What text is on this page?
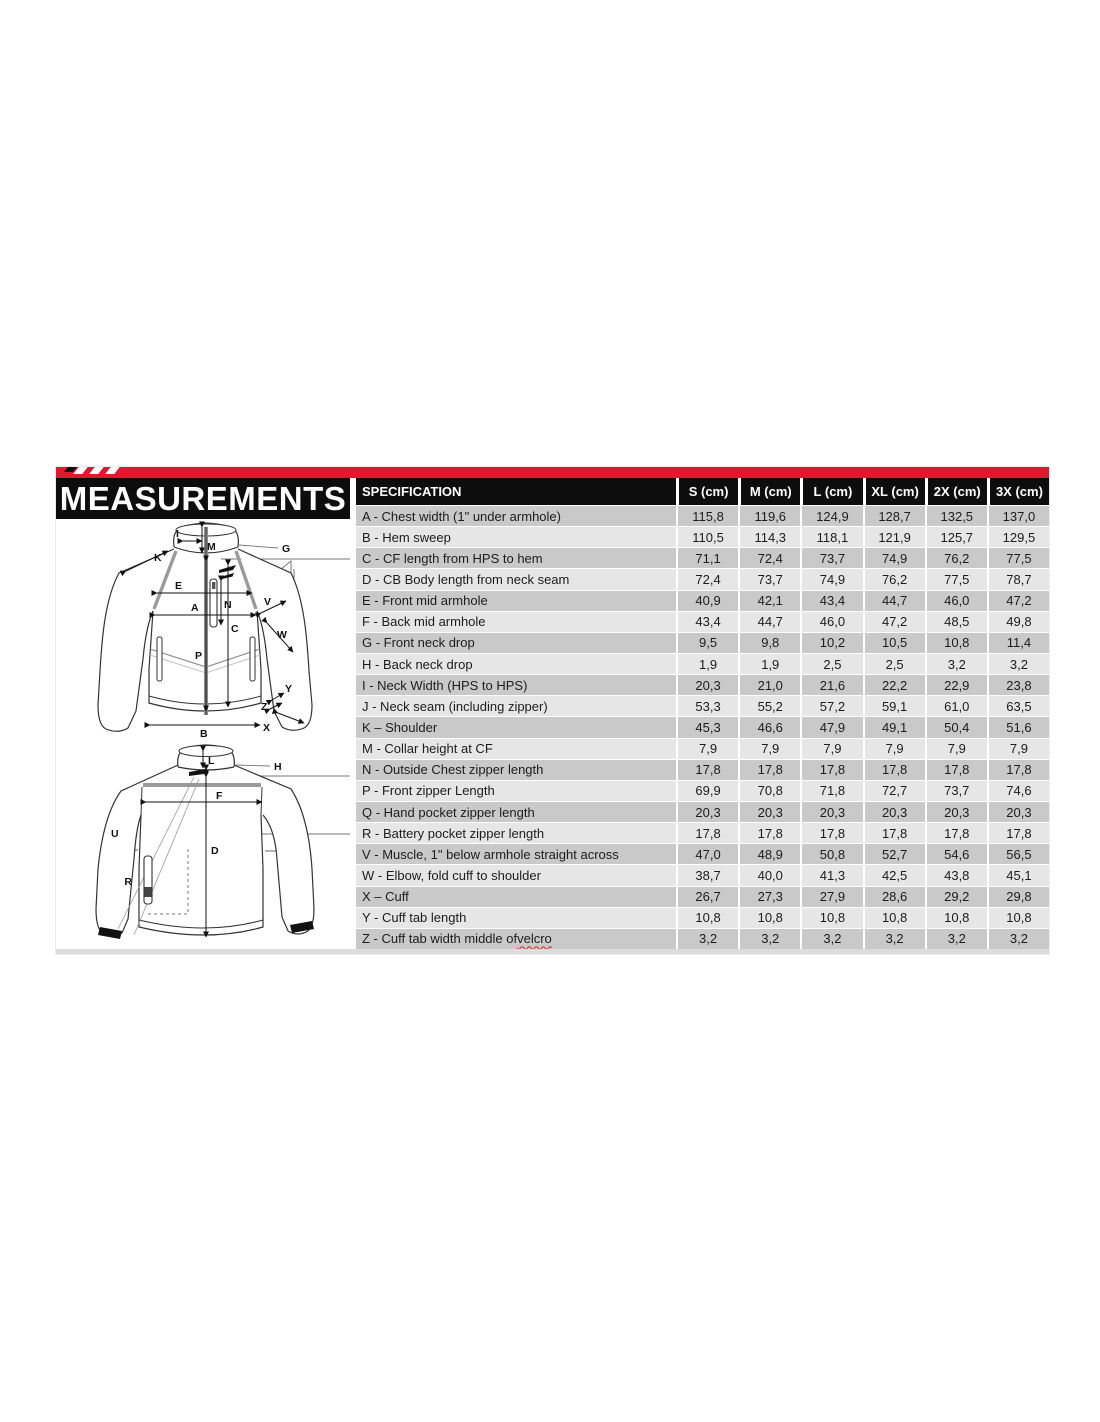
MEASUREMENTS
I
M
K
G
E
N
A	V
C	W
P
Y
Z
X
B
L	H
F
U
D
R
SPECIFICATION	S (cm)	M (cm)	L (cm)	XL (cm)	2X (cm)	3X (cm)
A - Chest width (1" under armhole)	115,8	119,6	124,9	128,7	132,5	137,0
B - Hem sweep	110,5	114,3	118,1	121,9	125,7	129,5
C - CF length from HPS to hem	71,1	72,4	73,7	74,9	76,2	77,5
D - CB Body length from neck seam	72,4	73,7	74,9	76,2	77,5	78,7
E - Front mid armhole	40,9	42,1	43,4	44,7	46,0	47,2
F - Back mid armhole	43,4	44,7	46,0	47,2	48,5	49,8
G - Front neck drop	9,5	9,8	10,2	10,5	10,8	11,4
H - Back neck drop	1,9	1,9	2,5	2,5	3,2	3,2
I - Neck Width (HPS to HPS)	20,3	21,0	21,6	22,2	22,9	23,8
J - Neck seam (including zipper)	53,3	55,2	57,2	59,1	61,0	63,5
K – Shoulder	45,3	46,6	47,9	49,1	50,4	51,6
M - Collar height at CF	7,9	7,9	7,9	7,9	7,9	7,9
N - Outside Chest zipper length	17,8	17,8	17,8	17,8	17,8	17,8
P - Front zipper Length	69,9	70,8	71,8	72,7	73,7	74,6
Q - Hand pocket zipper length	20,3	20,3	20,3	20,3	20,3	20,3
R - Battery pocket zipper length	17,8	17,8	17,8	17,8	17,8	17,8
V - Muscle, 1" below armhole straight across	47,0	48,9	50,8	52,7	54,6	56,5
W - Elbow, fold cuff to shoulder	38,7	40,0	41,3	42,5	43,8	45,1
X – Cuff	26,7	27,3	27,9	28,6	29,2	29,8
Y - Cuff tab length	10,8	10,8	10,8	10,8	10,8	10,8
Z - Cuff tab width middle of velcro	3,2	3,2	3,2	3,2	3,2	3,2
